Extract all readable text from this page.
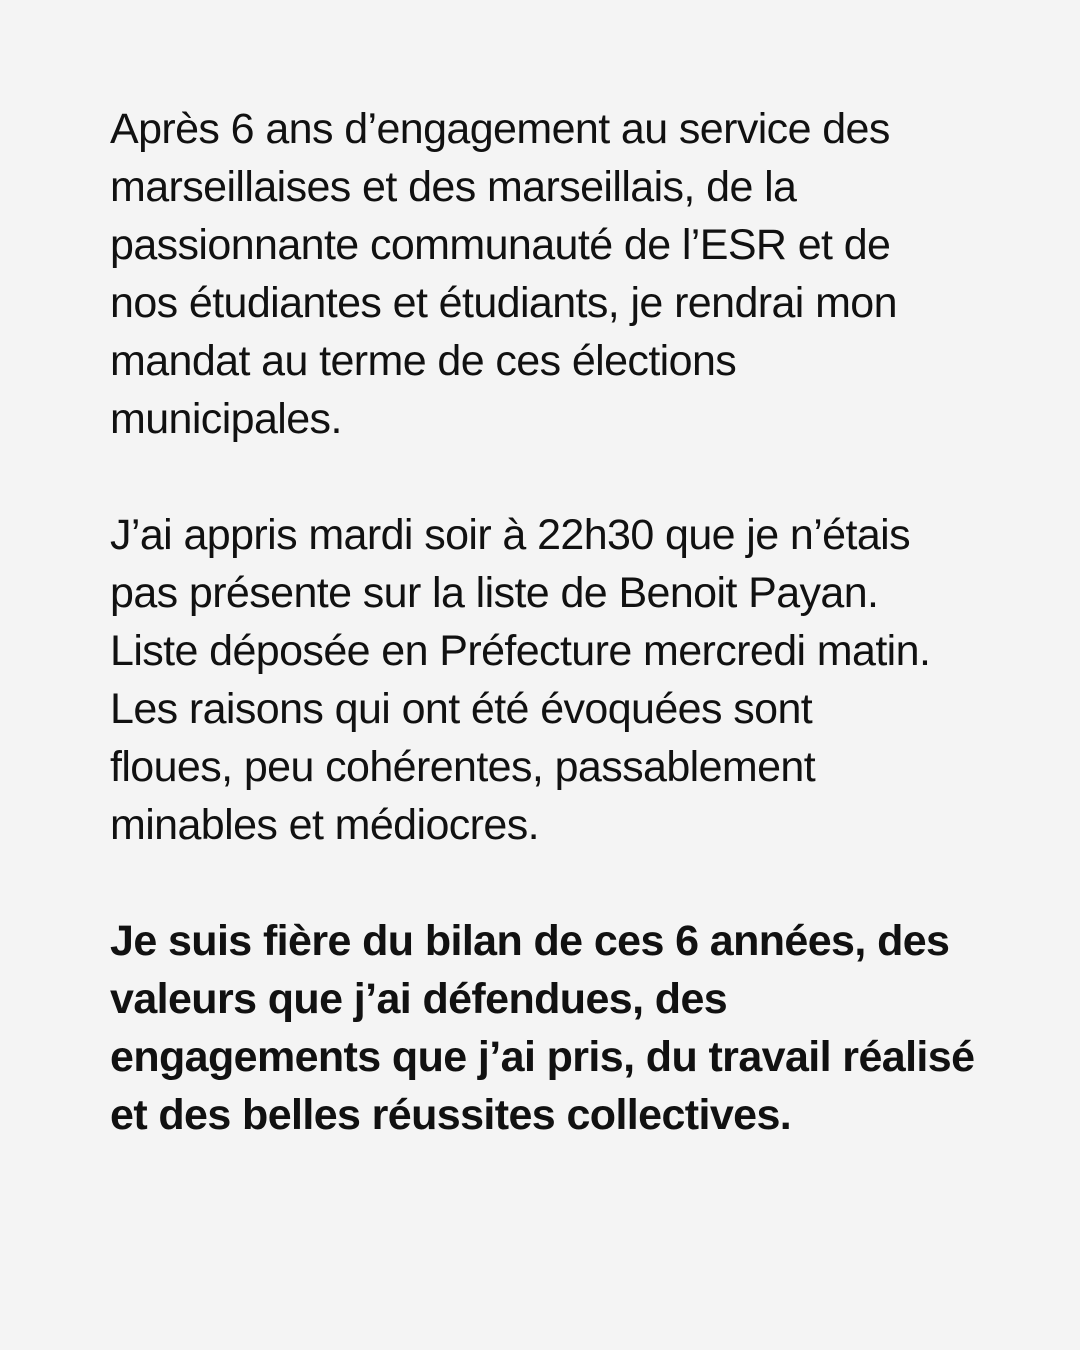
Après 6 ans d’engagement au service des
marseillaises et des marseillais, de la
passionnante communauté de l’ESR et de
nos étudiantes et étudiants, je rendrai mon
mandat au terme de ces élections
municipales.

J’ai appris mardi soir à 22h30 que je n’étais
pas présente sur la liste de Benoit Payan.
Liste déposée en Préfecture mercredi matin.
Les raisons qui ont été évoquées sont
floues, peu cohérentes, passablement
minables et médiocres.

Je suis fière du bilan de ces 6 années, des
valeurs que j’ai défendues, des
engagements que j’ai pris, du travail réalisé
et des belles réussites collectives.
